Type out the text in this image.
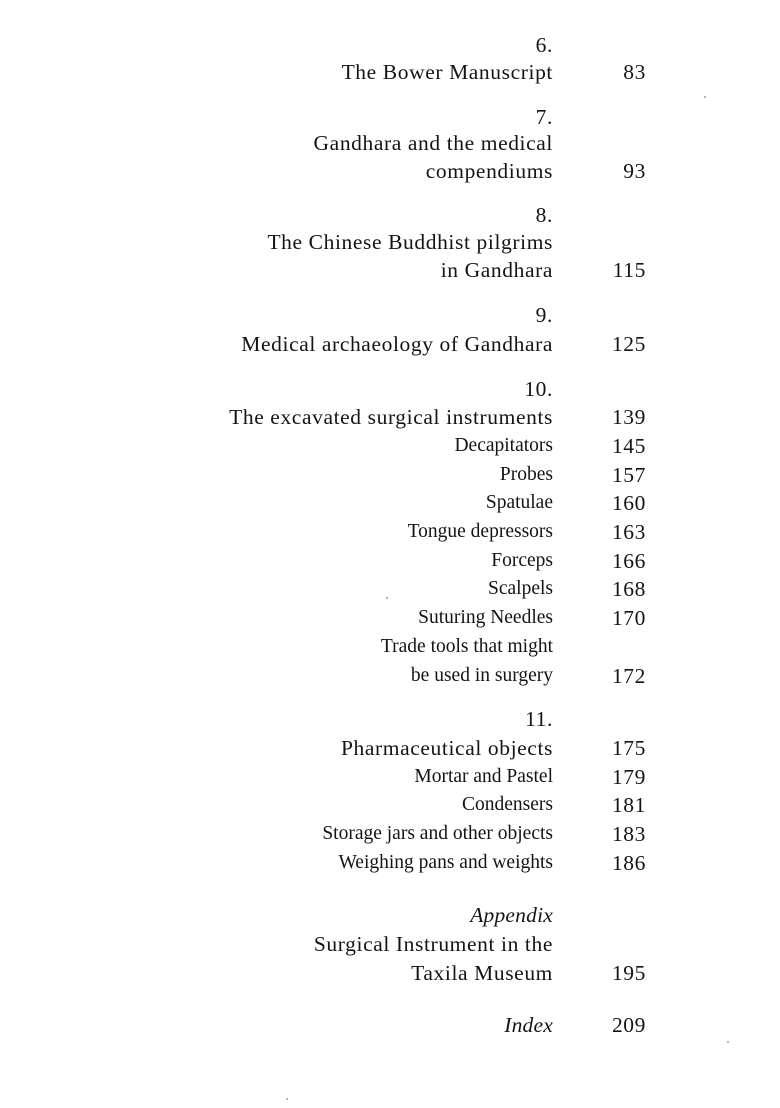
6.
The Bower Manuscript	83
7.
Gandhara and the medical
compendiums	93
8.
The Chinese Buddhist pilgrims
in Gandhara	115
9.
Medical archaeology of Gandhara	125
10.
The excavated surgical instruments	139
Decapitators	145
Probes	157
Spatulae	160
Tongue depressors	163
Forceps	166
Scalpels	168
Suturing Needles	170
Trade tools that might
be used in surgery	172
11.
Pharmaceutical objects	175
Mortar and Pastel	179
Condensers	181
Storage jars and other objects	183
Weighing pans and weights	186
Appendix
Surgical Instrument in the
Taxila Museum	195
Index	209
